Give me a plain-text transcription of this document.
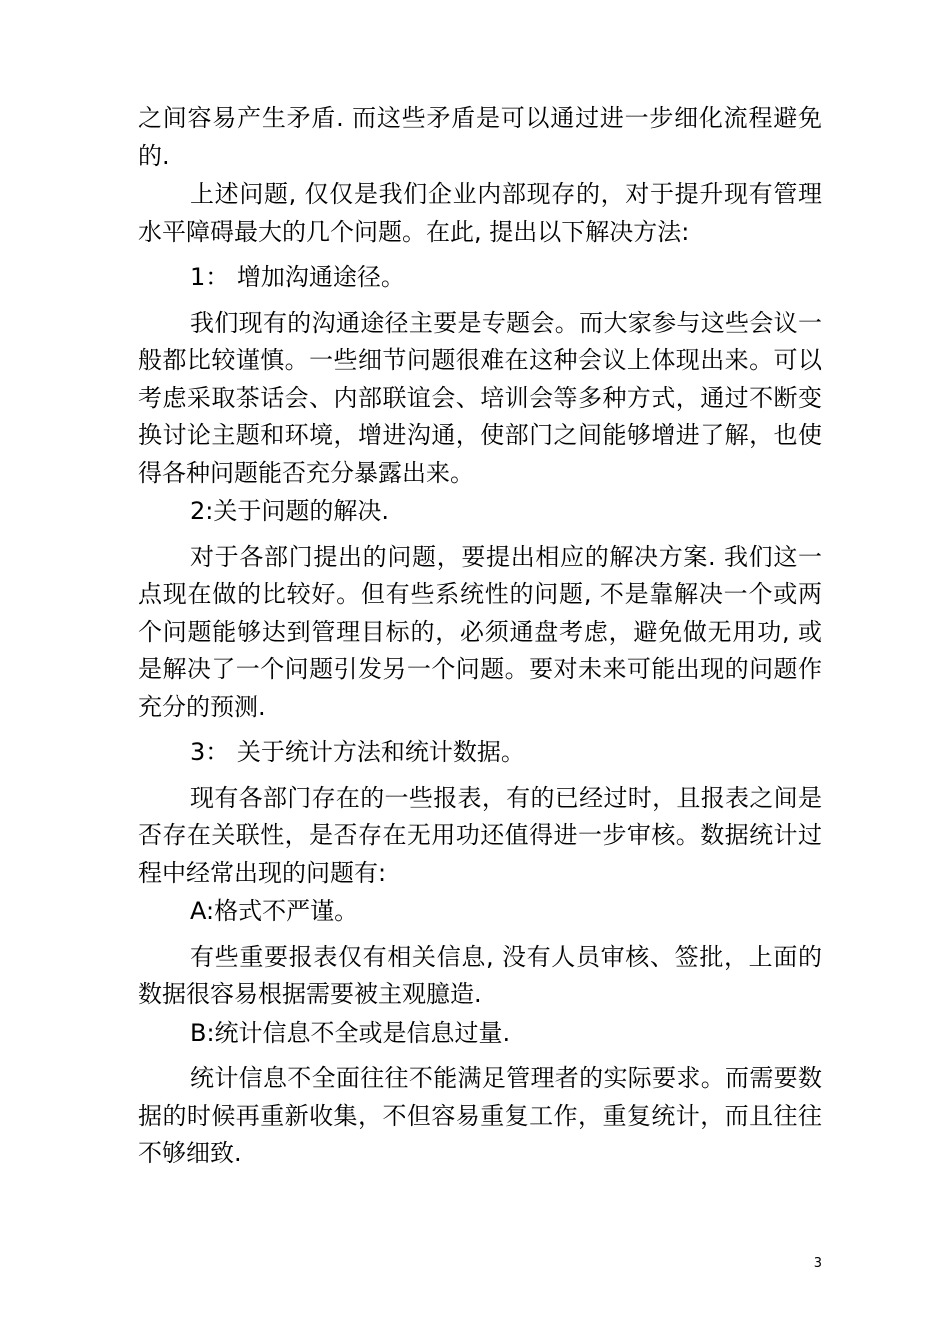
之间容易产生矛盾. 而这些矛盾是可以通过进一步细化流程避免的.

上述问题, 仅仅是我们企业内部现存的，对于提升现有管理水平障碍最大的几个问题。在此, 提出以下解决方法:

1： 增加沟通途径。

我们现有的沟通途径主要是专题会。而大家参与这些会议一般都比较谨慎。一些细节问题很难在这种会议上体现出来。可以考虑采取茶话会、内部联谊会、培训会等多种方式，通过不断变换讨论主题和环境，增进沟通，使部门之间能够增进了解，也使得各种问题能否充分暴露出来。

2:关于问题的解决.

对于各部门提出的问题，要提出相应的解决方案. 我们这一点现在做的比较好。但有些系统性的问题, 不是靠解决一个或两个问题能够达到管理目标的，必须通盘考虑，避免做无用功, 或是解决了一个问题引发另一个问题。要对未来可能出现的问题作充分的预测.

3： 关于统计方法和统计数据。

现有各部门存在的一些报表，有的已经过时，且报表之间是否存在关联性，是否存在无用功还值得进一步审核。数据统计过程中经常出现的问题有:

A:格式不严谨。

有些重要报表仅有相关信息, 没有人员审核、签批，上面的数据很容易根据需要被主观臆造.

B:统计信息不全或是信息过量.

统计信息不全面往往不能满足管理者的实际要求。而需要数据的时候再重新收集，不但容易重复工作，重复统计，而且往往不够细致.

3
